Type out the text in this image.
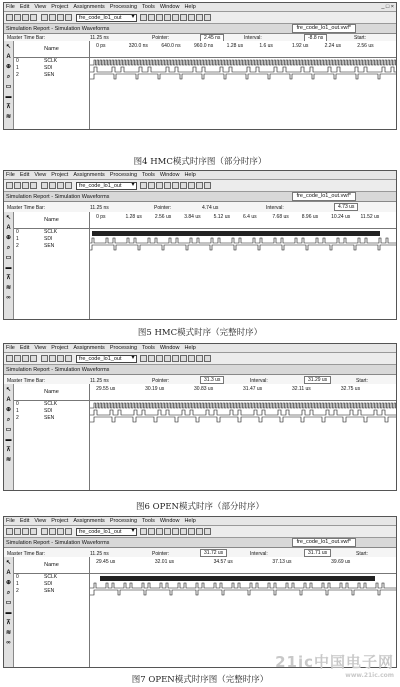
File Edit View Project Assignments Processing Tools Window Help	_ □ ×
fre_code_lo1_out ▾
Simulation Report - Simulation Waveforms	fre_code_lo1_out.vwf*
Master Time Bar:	11.25 ns	Pointer:	2.45 ns	Interval:	-8.8 ns	Start:
↖
A
⊕
⌕
▭
▬
⊼
≋
Name
0	SCLK
1	SDI
2	SEN
0 ps	320.0 ns	640.0 ns	960.0 ns	1.28 us	1.6 us	1.92 us	2.24 us	2.56 us
图4 HMC模式时序图（部分时序）
File Edit View Project Assignments Processing Tools Window Help
fre_code_lo1_out ▾
Simulation Report - Simulation Waveforms	fre_code_lo1_out.vwf*
Master Time Bar:	11.25 ns	Pointer:	4.74 us	Interval:	4.73 us
↖
A
⊕
⌕
▭
▬
⊼
≋
∞
Name
0	SCLK
1	SDI
2	SEN
0 ps	1.28 us	2.56 us	3.84 us	5.12 us	6.4 us	7.68 us	8.96 us	10.24 us 11.52 us
图5 HMC模式时序（完整时序）
File Edit View Project Assignments Processing Tools Window Help
fre_code_lo1_out ▾
Simulation Report - Simulation Waveforms
Master Time Bar:	11.25 ns	Pointer:	31.3 us	Interval:	31.29 us	Start:
↖
A
⊕
⌕
▭
▬
⊼
≋
Name
0	SCLK
1	SDI
2	SEN
29.55 us	30.19 us	30.83 us	31.47 us	32.11 us	32.75 us
图6 OPEN模式时序（部分时序）
File Edit View Project Assignments Processing Tools Window Help
fre_code_lo1_out ▾
Simulation Report - Simulation Waveforms	fre_code_lo1_out.vwf*
Master Time Bar:	11.25 ns	Pointer:	31.72 us	Interval:	31.71 us	Start:
↖
A
⊕
⌕
▭
▬
⊼
≋
∞
Name
0	SCLK
1	SDI
2	SEN
29.45 us	32.01 us	34.57 us	37.13 us	39.69 us
图7 OPEN模式时序图（完整时序）
21ic中国电子网
www.21ic.com
